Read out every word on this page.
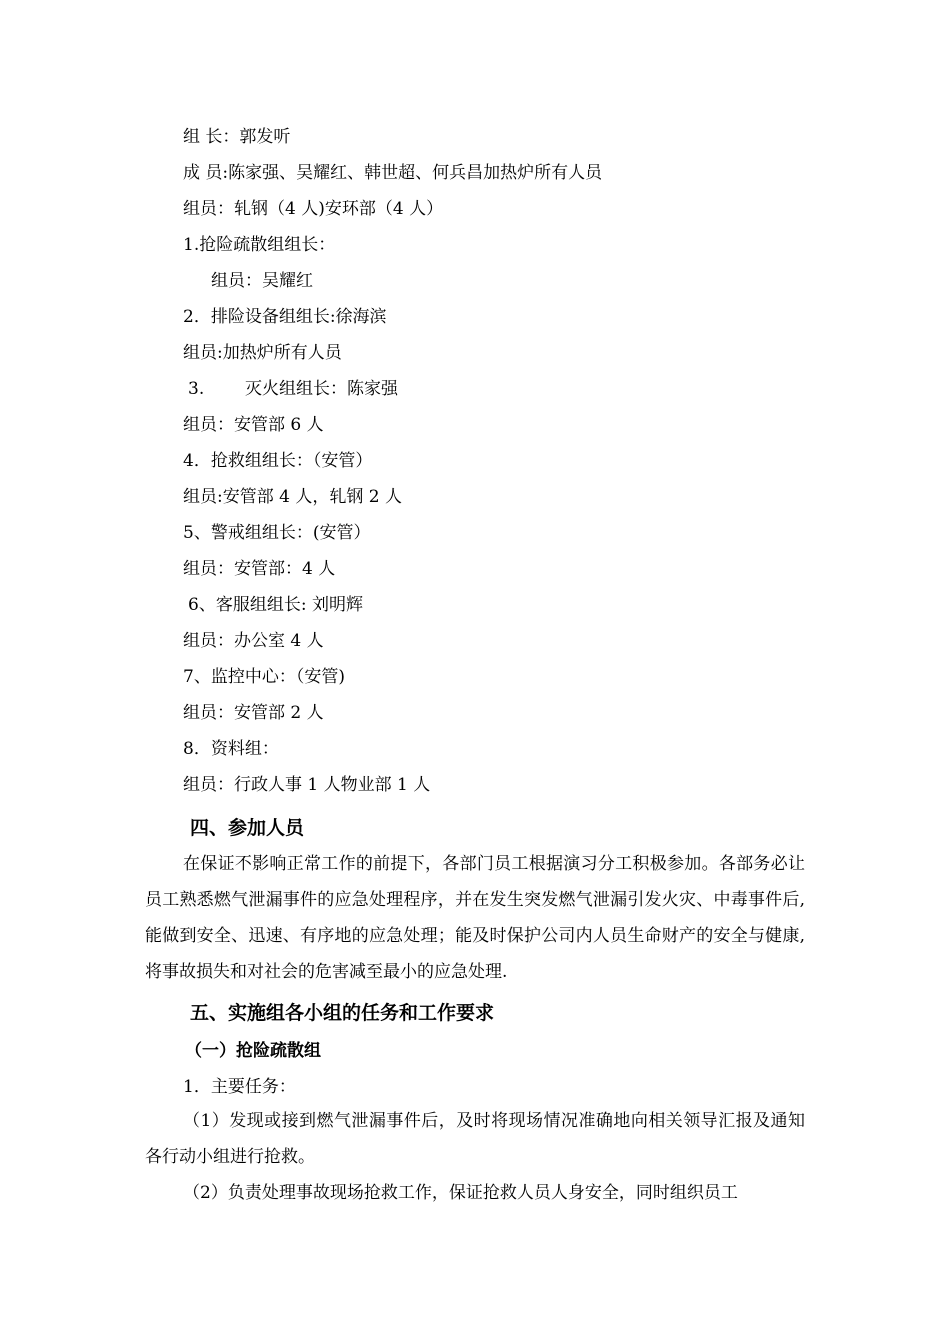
组 长：郭发听
成 员:陈家强、吴耀红、韩世超、何兵昌加热炉所有人员
组员：轧钢（4 人)安环部（4 人）
1.抢险疏散组组长：
组员：吴耀红
2．排险设备组组长:徐海滨
组员:加热炉所有人员
3. 灭火组组长：陈家强
组员：安管部 6 人
4．抢救组组长：（安管）
组员:安管部 4 人，轧钢 2 人
5、警戒组组长：(安管）
组员：安管部：4 人
6、客服组组长: 刘明辉
组员：办公室 4 人
7、监控中心：（安管)
组员：安管部 2 人
8．资料组：
组员：行政人事 1 人物业部 1 人
四、参加人员
在保证不影响正常工作的前提下，各部门员工根据演习分工积极参加。各部务必让员工熟悉燃气泄漏事件的应急处理程序，并在发生突发燃气泄漏引发火灾、中毒事件后,能做到安全、迅速、有序地的应急处理；能及时保护公司内人员生命财产的安全与健康, 将事故损失和对社会的危害减至最小的应急处理.
五、实施组各小组的任务和工作要求
（一）抢险疏散组
1．主要任务：
（1）发现或接到燃气泄漏事件后，及时将现场情况准确地向相关领导汇报及通知各行动小组进行抢救。
（2）负责处理事故现场抢救工作，保证抢救人员人身安全，同时组织员工
